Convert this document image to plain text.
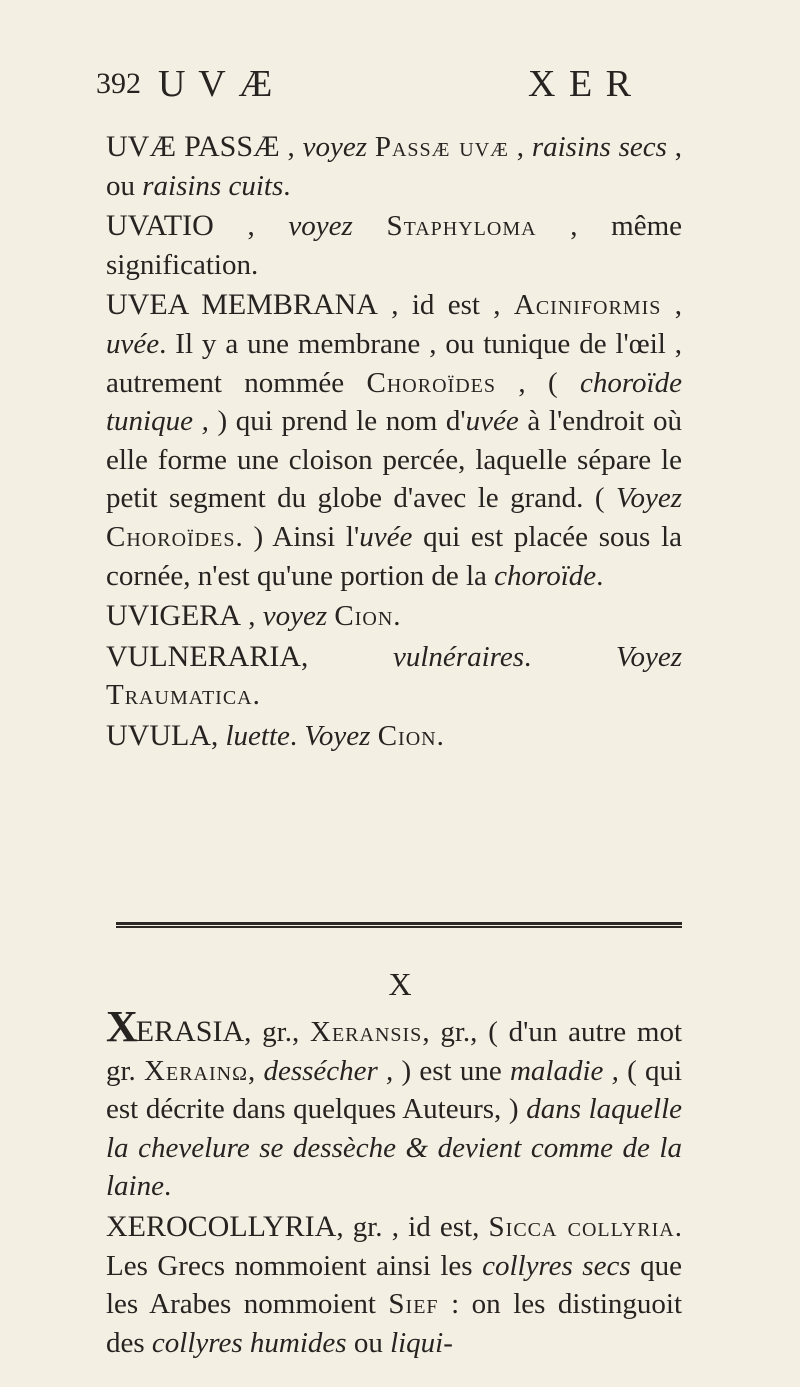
392 U V Æ	X E R

UVÆ PASSÆ , voyez Passæ uvæ , raisins secs , ou raisins cuits.

UVATIO , voyez Staphyloma , même signification.

UVEA MEMBRANA , id est , Aciniformis , uvée. Il y a une membrane , ou tunique de l'œil , autrement nommée Choroïdes , ( choroïde tunique , ) qui prend le nom d'uvée à l'endroit où elle forme une cloison percée, laquelle sépare le petit segment du globe d'avec le grand. ( Voyez Choroïdes. ) Ainsi l'uvée qui est placée sous la cornée, n'est qu'une portion de la choroïde.

UVIGERA , voyez Cion.

VULNERARIA, vulnéraires. Voyez Traumatica.

UVULA, luette. Voyez Cion.

X

XERASIA, gr., Xeransis, gr., ( d'un autre mot gr. Xerainω, dessécher , ) est une maladie , ( qui est décrite dans quelques Auteurs, ) dans laquelle la chevelure se dessèche & devient comme de la laine.

XEROCOLLYRIA, gr. , id est, Sicca collyria. Les Grecs nommoient ainsi les collyres secs que les Arabes nommoient Sief : on les distinguoit des collyres humides ou liqui-
